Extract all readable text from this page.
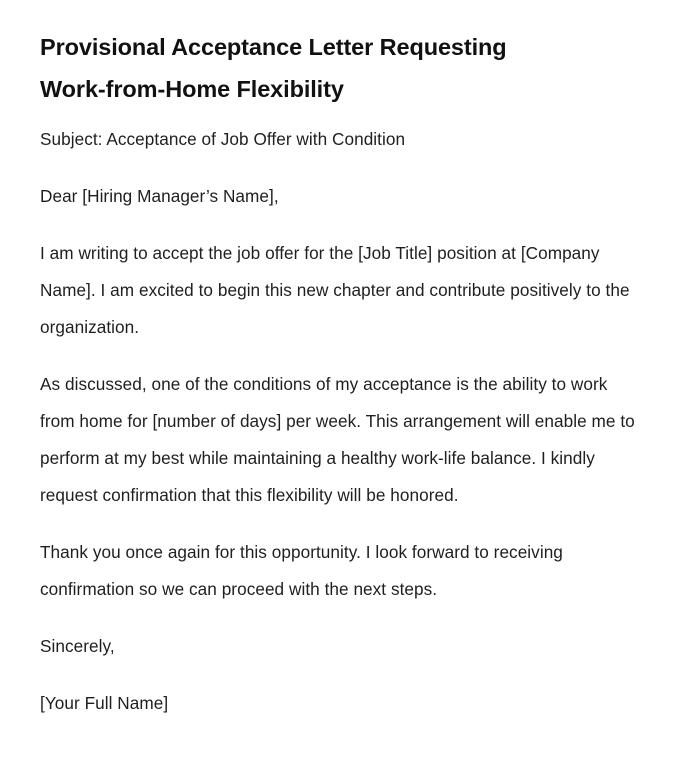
Provisional Acceptance Letter Requesting Work-from-Home Flexibility

Subject: Acceptance of Job Offer with Condition

Dear [Hiring Manager’s Name],

I am writing to accept the job offer for the [Job Title] position at [Company Name]. I am excited to begin this new chapter and contribute positively to the organization.

As discussed, one of the conditions of my acceptance is the ability to work from home for [number of days] per week. This arrangement will enable me to perform at my best while maintaining a healthy work-life balance. I kindly request confirmation that this flexibility will be honored.

Thank you once again for this opportunity. I look forward to receiving confirmation so we can proceed with the next steps.

Sincerely,

[Your Full Name]
